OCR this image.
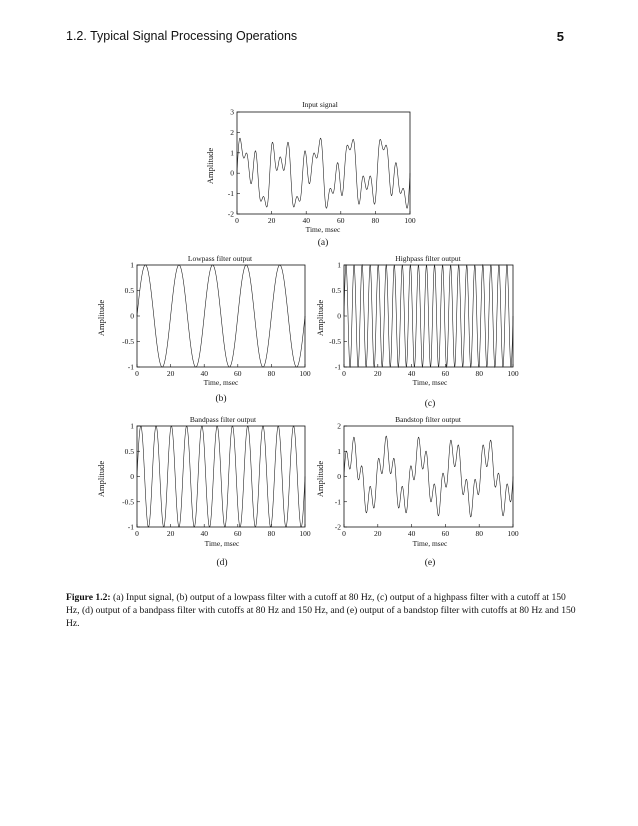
1.2. Typical Signal Processing Operations	5
Input signal
Time, msec
Amplitude
(a)
3
2
1
0
-1
-2
0	20	40	60	80	100
Lowpass filter output
Time, msec
Amplitude
(b)
1
0.5
0
-0.5
-1
0	20	40	60	80	100
Highpass filter output
Time, msec
Amplitude
(c)
1
0.5
0
-0.5
-1
0	20	40	60	80	100
Bandpass filter output
Time, msec
Amplitude
(d)
1
0.5
0
-0.5
-1
0	20	40	60	80	100
Bandstop filter output
Time, msec
Amplitude
(e)
2
1
0
-1
-2
0	20	40	60	80	100
Figure 1.2: (a) Input signal, (b) output of a lowpass filter with a cutoff at 80 Hz, (c) output of a highpass filter with a cutoff at 150 Hz, (d) output of a bandpass filter with cutoffs at 80 Hz and 150 Hz, and (e) output of a bandstop filter with cutoffs at 80 Hz and 150 Hz.
